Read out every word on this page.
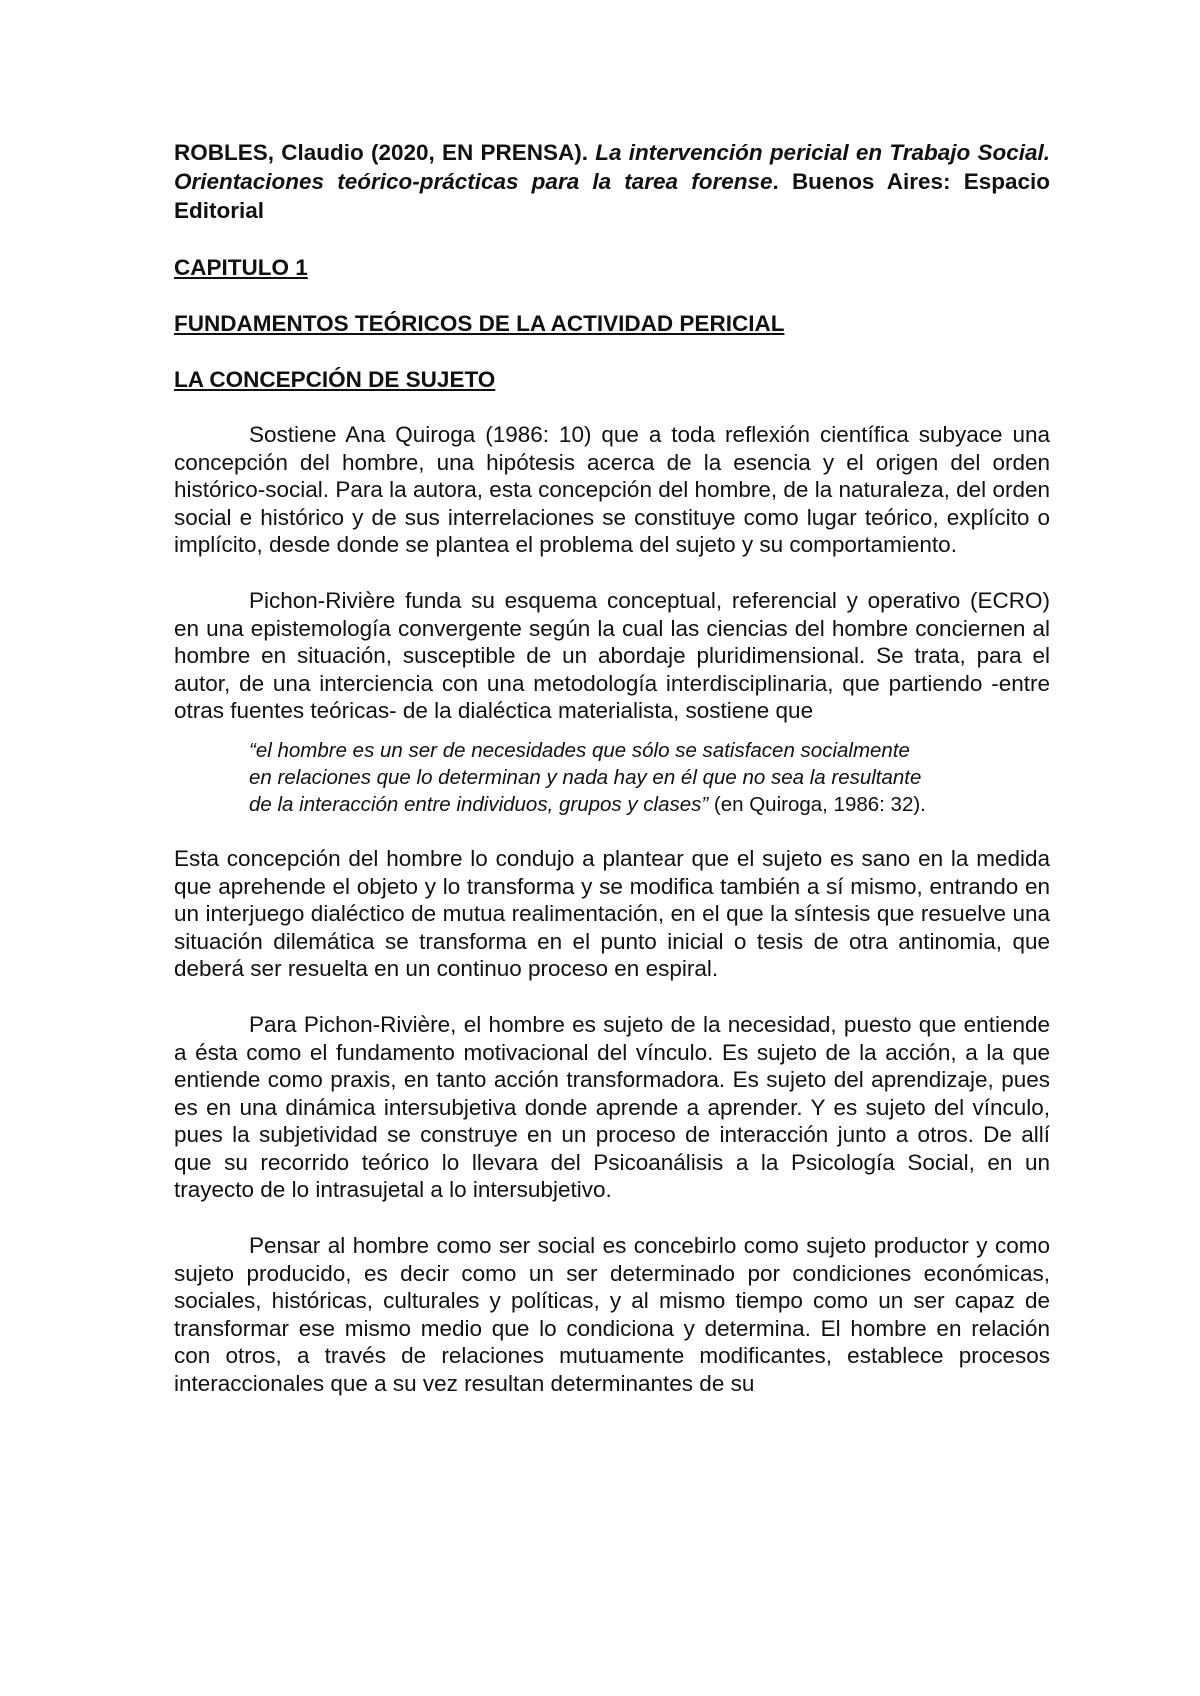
ROBLES, Claudio (2020, EN PRENSA). La intervención pericial en Trabajo Social. Orientaciones teórico-prácticas para la tarea forense. Buenos Aires: Espacio Editorial

CAPITULO 1

FUNDAMENTOS TEÓRICOS DE LA ACTIVIDAD PERICIAL

LA CONCEPCIÓN DE SUJETO

Sostiene Ana Quiroga (1986: 10) que a toda reflexión científica subyace una concepción del hombre, una hipótesis acerca de la esencia y el origen del orden histórico-social. Para la autora, esta concepción del hombre, de la naturaleza, del orden social e histórico y de sus interrelaciones se constituye como lugar teórico, explícito o implícito, desde donde se plantea el problema del sujeto y su comportamiento.

Pichon-Rivière funda su esquema conceptual, referencial y operativo (ECRO) en una epistemología convergente según la cual las ciencias del hombre conciernen al hombre en situación, susceptible de un abordaje pluridimensional. Se trata, para el autor, de una interciencia con una metodología interdisciplinaria, que partiendo -entre otras fuentes teóricas- de la dialéctica materialista, sostiene que

“el hombre es un ser de necesidades que sólo se satisfacen socialmente
en relaciones que lo determinan y nada hay en él que no sea la resultante
de la interacción entre individuos, grupos y clases” (en Quiroga, 1986: 32).

Esta concepción del hombre lo condujo a plantear que el sujeto es sano en la medida que aprehende el objeto y lo transforma y se modifica también a sí mismo, entrando en un interjuego dialéctico de mutua realimentación, en el que la síntesis que resuelve una situación dilemática se transforma en el punto inicial o tesis de otra antinomia, que deberá ser resuelta en un continuo proceso en espiral.

Para Pichon-Rivière, el hombre es sujeto de la necesidad, puesto que entiende a ésta como el fundamento motivacional del vínculo. Es sujeto de la acción, a la que entiende como praxis, en tanto acción transformadora. Es sujeto del aprendizaje, pues es en una dinámica intersubjetiva donde aprende a aprender. Y es sujeto del vínculo, pues la subjetividad se construye en un proceso de interacción junto a otros. De allí que su recorrido teórico lo llevara del Psicoanálisis a la Psicología Social, en un trayecto de lo intrasujetal a lo intersubjetivo.

Pensar al hombre como ser social es concebirlo como sujeto productor y como sujeto producido, es decir como un ser determinado por condiciones económicas, sociales, históricas, culturales y políticas, y al mismo tiempo como un ser capaz de transformar ese mismo medio que lo condiciona y determina. El hombre en relación con otros, a través de relaciones mutuamente modificantes, establece procesos interaccionales que a su vez resultan determinantes de su
